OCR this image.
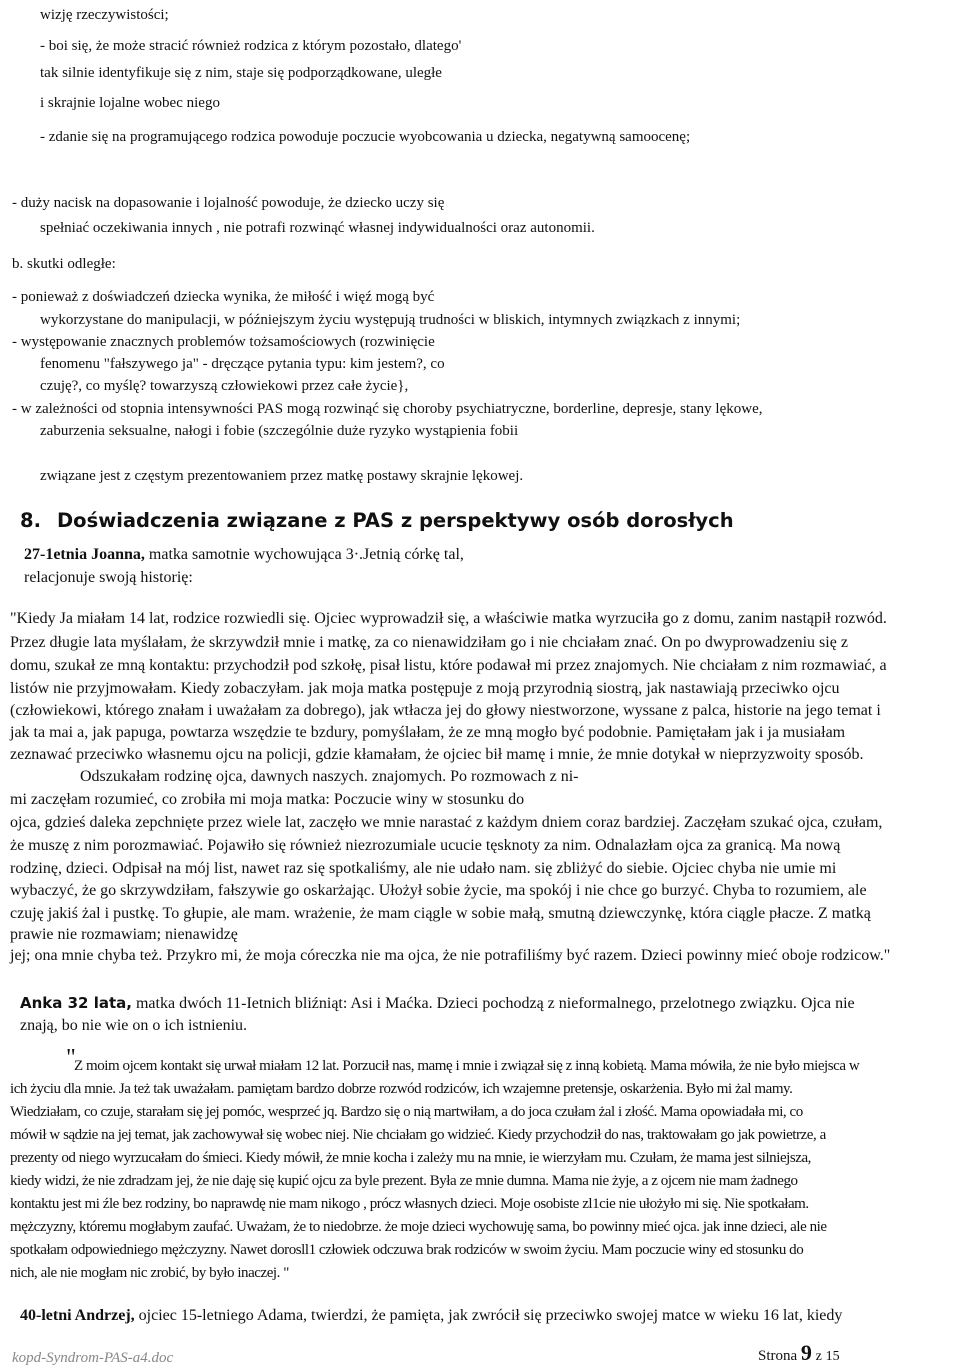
wizję rzeczywistości;
- boi się, że może stracić również rodzica z którym pozostało, dlatego'
tak silnie identyfikuje się z nim, staje się podporządkowane, uległe
i skrajnie lojalne wobec niego
- zdanie się na programującego rodzica powoduje poczucie wyobcowania u dziecka, negatywną samoocenę;
- duży nacisk na dopasowanie i lojalność powoduje, że dziecko uczy się
spełniać oczekiwania innych , nie potrafi rozwinąć własnej indywidualności oraz autonomii.
b. skutki odległe:
- ponieważ z doświadczeń dziecka wynika, że miłość i więź mogą być
wykorzystane do manipulacji, w późniejszym życiu występują trudności w bliskich, intymnych związkach z innymi;
- występowanie znacznych problemów tożsamościowych (rozwinięcie
fenomenu "fałszywego ja" - dręczące pytania typu: kim jestem?, co
czuję?, co myślę? towarzyszą człowiekowi przez całe życie},
- w zależności od stopnia intensywności PAS mogą rozwinąć się choroby psychiatryczne, borderline, depresje, stany lękowe,
zaburzenia seksualne, nałogi i fobie (szczególnie duże ryzyko wystąpienia fobii
związane jest z częstym prezentowaniem przez matkę postawy skrajnie lękowej.
8. Doświadczenia związane z PAS z perspektywy osób dorosłych
27-1etnia Joanna, matka samotnie wychowująca 3·.Jetnią córkę tal,
relacjonuje swoją historię:
"Kiedy Ja miałam 14 lat, rodzice rozwiedli się. Ojciec wyprowadził się, a właściwie matka wyrzuciła go z domu, zanim nastąpił rozwód.
Przez długie lata myślałam, że skrzywdził mnie i matkę, za co nienawidziłam go i nie chciałam znać. On po dwyprowadzeniu się z
domu, szukał ze mną kontaktu: przychodził pod szkołę, pisał listu, które podawał mi przez znajomych. Nie chciałam z nim rozmawiać, a
listów nie przyjmowałam. Kiedy zobaczyłam. jak moja matka postępuje z moją przyrodnią siostrą, jak nastawiają przeciwko ojcu
(człowiekowi, którego znałam i uważałam za dobrego), jak wtłacza jej do głowy niestworzone, wyssane z palca, historie na jego temat i
jak ta mai a, jak papuga, powtarza wszędzie te bzdury, pomyślałam, że ze mną mogło być podobnie. Pamiętałam jak i ja musiałam
zeznawać przeciwko własnemu ojcu na policji, gdzie kłamałam, że ojciec bił mamę i mnie, że mnie dotykał w nieprzyzwoity sposób.
Odszukałam rodzinę ojca, dawnych naszych. znajomych. Po rozmowach z ni-
mi zaczęłam rozumieć, co zrobiła mi moja matka: Poczucie winy w stosunku do
ojca, gdzieś daleka zepchnięte przez wiele lat, zaczęło we mnie narastać z każdym dniem coraz bardziej. Zaczęłam szukać ojca, czułam,
że muszę z nim porozmawiać. Pojawiło się również niezrozumiale ucucie tęsknoty za nim. Odnalazłam ojca za granicą. Ma nową
rodzinę, dzieci. Odpisał na mój list, nawet raz się spotkaliśmy, ale nie udało nam. się zbliżyć do siebie. Ojciec chyba nie umie mi
wybaczyć, że go skrzywdziłam, fałszywie go oskarżając. Ułożył sobie życie, ma spokój i nie chce go burzyć. Chyba to rozumiem, ale
czuję jakiś żal i pustkę. To głupie, ale mam. wrażenie, że mam ciągle w sobie małą, smutną dziewczynkę, która ciągle płacze. Z matką
prawie nie rozmawiam; nienawidzę
jej; ona mnie chyba też. Przykro mi, że moja córeczka nie ma ojca, że nie potrafiliśmy być razem. Dzieci powinny mieć oboje rodzicow."
Anka 32 lata, matka dwóch 11-Ietnich bliźniąt: Asi i Maćka. Dzieci pochodzą z nieformalnego, przelotnego związku. Ojca nie
znają, bo nie wie on o ich istnieniu.
"
Z moim ojcem kontakt się urwał miałam 12 lat. Porzucił nas, mamę i mnie i związał się z inną kobietą. Mama mówiła, że nie było miejsca w
ich życiu dla mnie. Ja też tak uważałam. pamiętam bardzo dobrze rozwód rodziców, ich wzajemne pretensje, oskarżenia. Było mi żal mamy.
Wiedziałam, co czuje, starałam się jej pomóc, wesprzeć jq. Bardzo się o nią martwiłam, a do joca czułam żal i złość. Mama opowiadała mi, co
mówił w sądzie na jej temat, jak zachowywał się wobec niej. Nie chciałam go widzieć. Kiedy przychodził do nas, traktowałam go jak powietrze, a
prezenty od niego wyrzucałam do śmieci. Kiedy mówił, że mnie kocha i zależy mu na mnie, ie wierzyłam mu. Czułam, że mama jest silniejsza,
kiedy widzi, że nie zdradzam jej, że nie daję się kupić ojcu za byle prezent. Była ze mnie dumna. Mama nie żyje, a z ojcem nie mam żadnego
kontaktu jest mi źle bez rodziny, bo naprawdę nie mam nikogo , prócz własnych dzieci. Moje osobiste zl1cie nie ułożyło mi się. Nie spotkałam.
mężczyzny, któremu mogłabym zaufać. Uważam, że to niedobrze. że moje dzieci wychowuję sama, bo powinny mieć ojca. jak inne dzieci, ale nie
spotkałam odpowiedniego mężczyzny. Nawet dorosll1 człowiek odczuwa brak rodziców w swoim życiu. Mam poczucie winy ed stosunku do
nich, ale nie mogłam nic zrobić, by było inaczej. "
40-letni Andrzej, ojciec 15-letniego Adama, twierdzi, że pamięta, jak zwrócił się przeciwko swojej matce w wieku 16 lat, kiedy
kopd-Syndrom-PAS-a4.doc	Strona 9 z 15
